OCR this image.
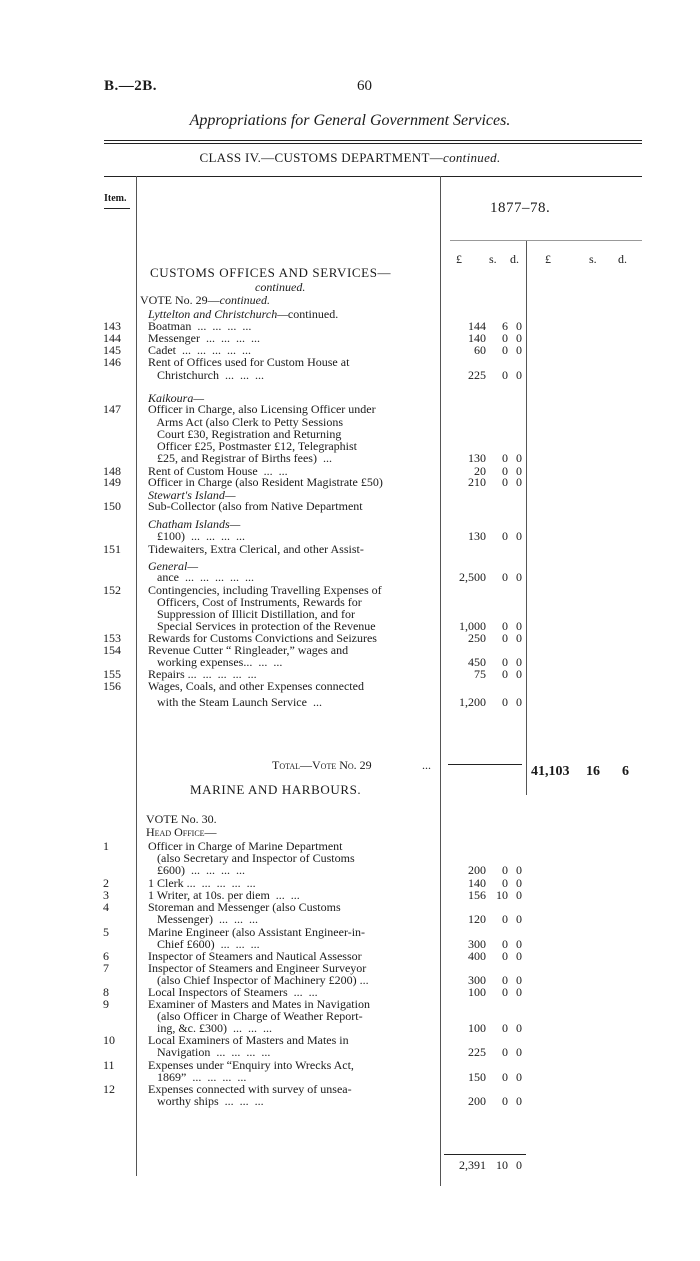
B.—2B.	60
Appropriations for General Government Services.
CLASS IV.—CUSTOMS DEPARTMENT—continued.
Item.
1877–78.
£ s. d. £	s. d.
CUSTOMS OFFICES AND SERVICES—
continued.
VOTE No. 29—continued.
Lyttelton and Christchurch—continued.
143	Boatman  ...  ...  ...  ...	144	6 0
144	Messenger  ...  ...  ...  ...	140	0 0
145	Cadet  ...  ...  ...  ...  ...	60	0 0
146	Rent of Offices used for Custom House at
Christchurch  ...  ...  ...	225	0 0
147	Officer in Charge, also Licensing Officer under
Arms Act (also Clerk to Petty Sessions
Court £30, Registration and Returning
Officer £25, Postmaster £12, Telegraphist
£25, and Registrar of Births fees)  ...	130	0 0
148	Rent of Custom House  ...  ...	20	0 0
149	Officer in Charge (also Resident Magistrate £50)	210	0 0
150	Sub-Collector (also from Native Department
£100)  ...  ...  ...  ...	130	0 0
151	Tidewaiters, Extra Clerical, and other Assist-
ance  ...  ...  ...  ...  ...	2,500	0 0
152	Contingencies, including Travelling Expenses of
Officers, Cost of Instruments, Rewards for
Suppression of Illicit Distillation, and for
Special Services in protection of the Revenue	1,000	0 0
153	Rewards for Customs Convictions and Seizures	250	0 0
154	Revenue Cutter “ Ringleader,” wages and
working expenses...  ...  ...	450	0 0
155	Repairs ...  ...  ...  ...  ...	75	0 0
156	Wages, Coals, and other Expenses connected
with the Steam Launch Service  ...	1,200	0 0
Kaikoura—
Stewart's Island—
Chatham Islands—
General—
Total—Vote No. 29	...	41,103 16 6
MARINE AND HARBOURS.
VOTE No. 30.
Head Office—
1	Officer in Charge of Marine Department
(also Secretary and Inspector of Customs
£600)  ...  ...  ...  ...	200	0 0
2	1 Clerk ...  ...  ...  ...  ...	140	0 0
3	1 Writer, at 10s. per diem  ...  ...	156 10 0
4	Storeman and Messenger (also Customs
Messenger)  ...  ...  ...	120	0 0
5	Marine Engineer (also Assistant Engineer-in-
Chief £600)  ...  ...  ...	300	0 0
6	Inspector of Steamers and Nautical Assessor	400	0 0
7	Inspector of Steamers and Engineer Surveyor
(also Chief Inspector of Machinery £200) ...	300	0 0
8	Local Inspectors of Steamers  ...  ...	100	0 0
9	Examiner of Masters and Mates in Navigation
(also Officer in Charge of Weather Report-
ing, &c. £300)  ...  ...  ...	100	0 0
10	Local Examiners of Masters and Mates in
Navigation  ...  ...  ...  ...	225	0 0
11	Expenses under “Enquiry into Wrecks Act,
1869”  ...  ...  ...  ...	150	0 0
12	Expenses connected with survey of unsea-
worthy ships  ...  ...  ...	200	0 0
2,391 10 0
